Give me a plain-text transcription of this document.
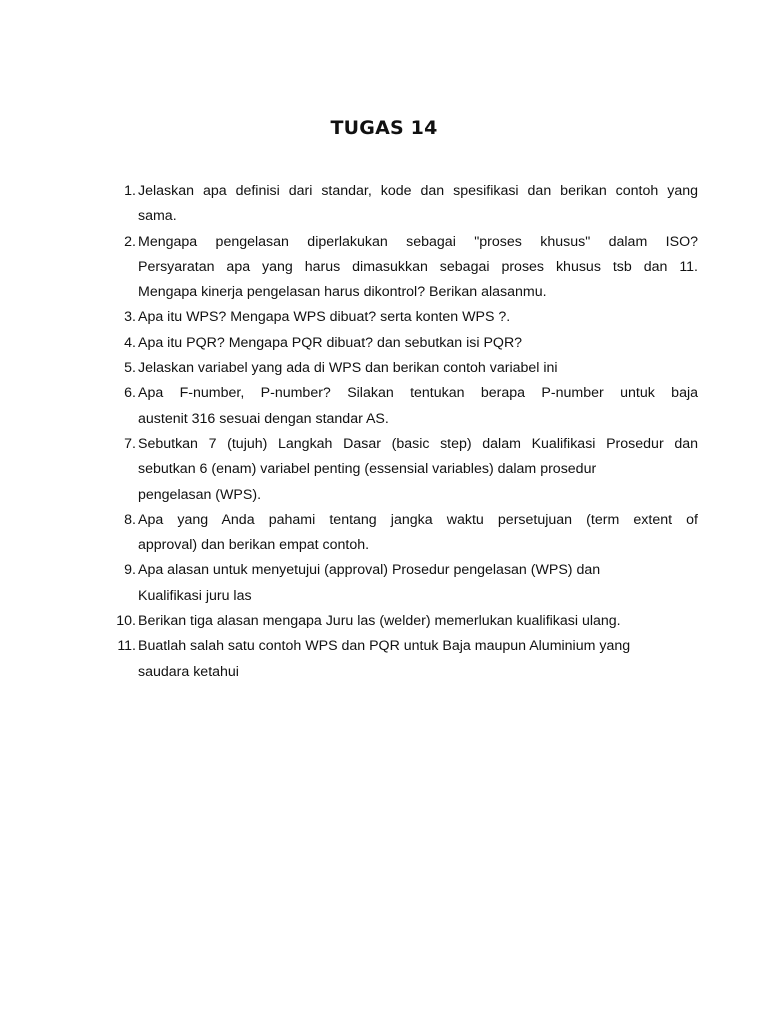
TUGAS 14
1. Jelaskan apa definisi dari standar, kode dan spesifikasi dan berikan contoh yang
sama.
2. Mengapa pengelasan diperlakukan sebagai "proses khusus" dalam ISO?
Persyaratan apa yang harus dimasukkan sebagai proses khusus tsb dan 11.
Mengapa kinerja pengelasan harus dikontrol? Berikan alasanmu.
3. Apa itu WPS? Mengapa WPS dibuat? serta konten WPS ?.
4. Apa itu PQR? Mengapa PQR dibuat? dan sebutkan isi PQR?
5. Jelaskan variabel yang ada di WPS dan berikan contoh variabel ini
6. Apa F-number, P-number? Silakan tentukan berapa P-number untuk baja
austenit 316 sesuai dengan standar AS.
7. Sebutkan 7 (tujuh) Langkah Dasar (basic step) dalam Kualifikasi Prosedur dan
sebutkan 6 (enam) variabel penting (essensial variables) dalam prosedur
pengelasan (WPS).
8. Apa yang Anda pahami tentang jangka waktu persetujuan (term extent of
approval) dan berikan empat contoh.
9. Apa alasan untuk menyetujui (approval) Prosedur pengelasan (WPS) dan
Kualifikasi juru las
10. Berikan tiga alasan mengapa Juru las (welder) memerlukan kualifikasi ulang.
11. Buatlah salah satu contoh WPS dan PQR untuk Baja maupun Aluminium yang
saudara ketahui
